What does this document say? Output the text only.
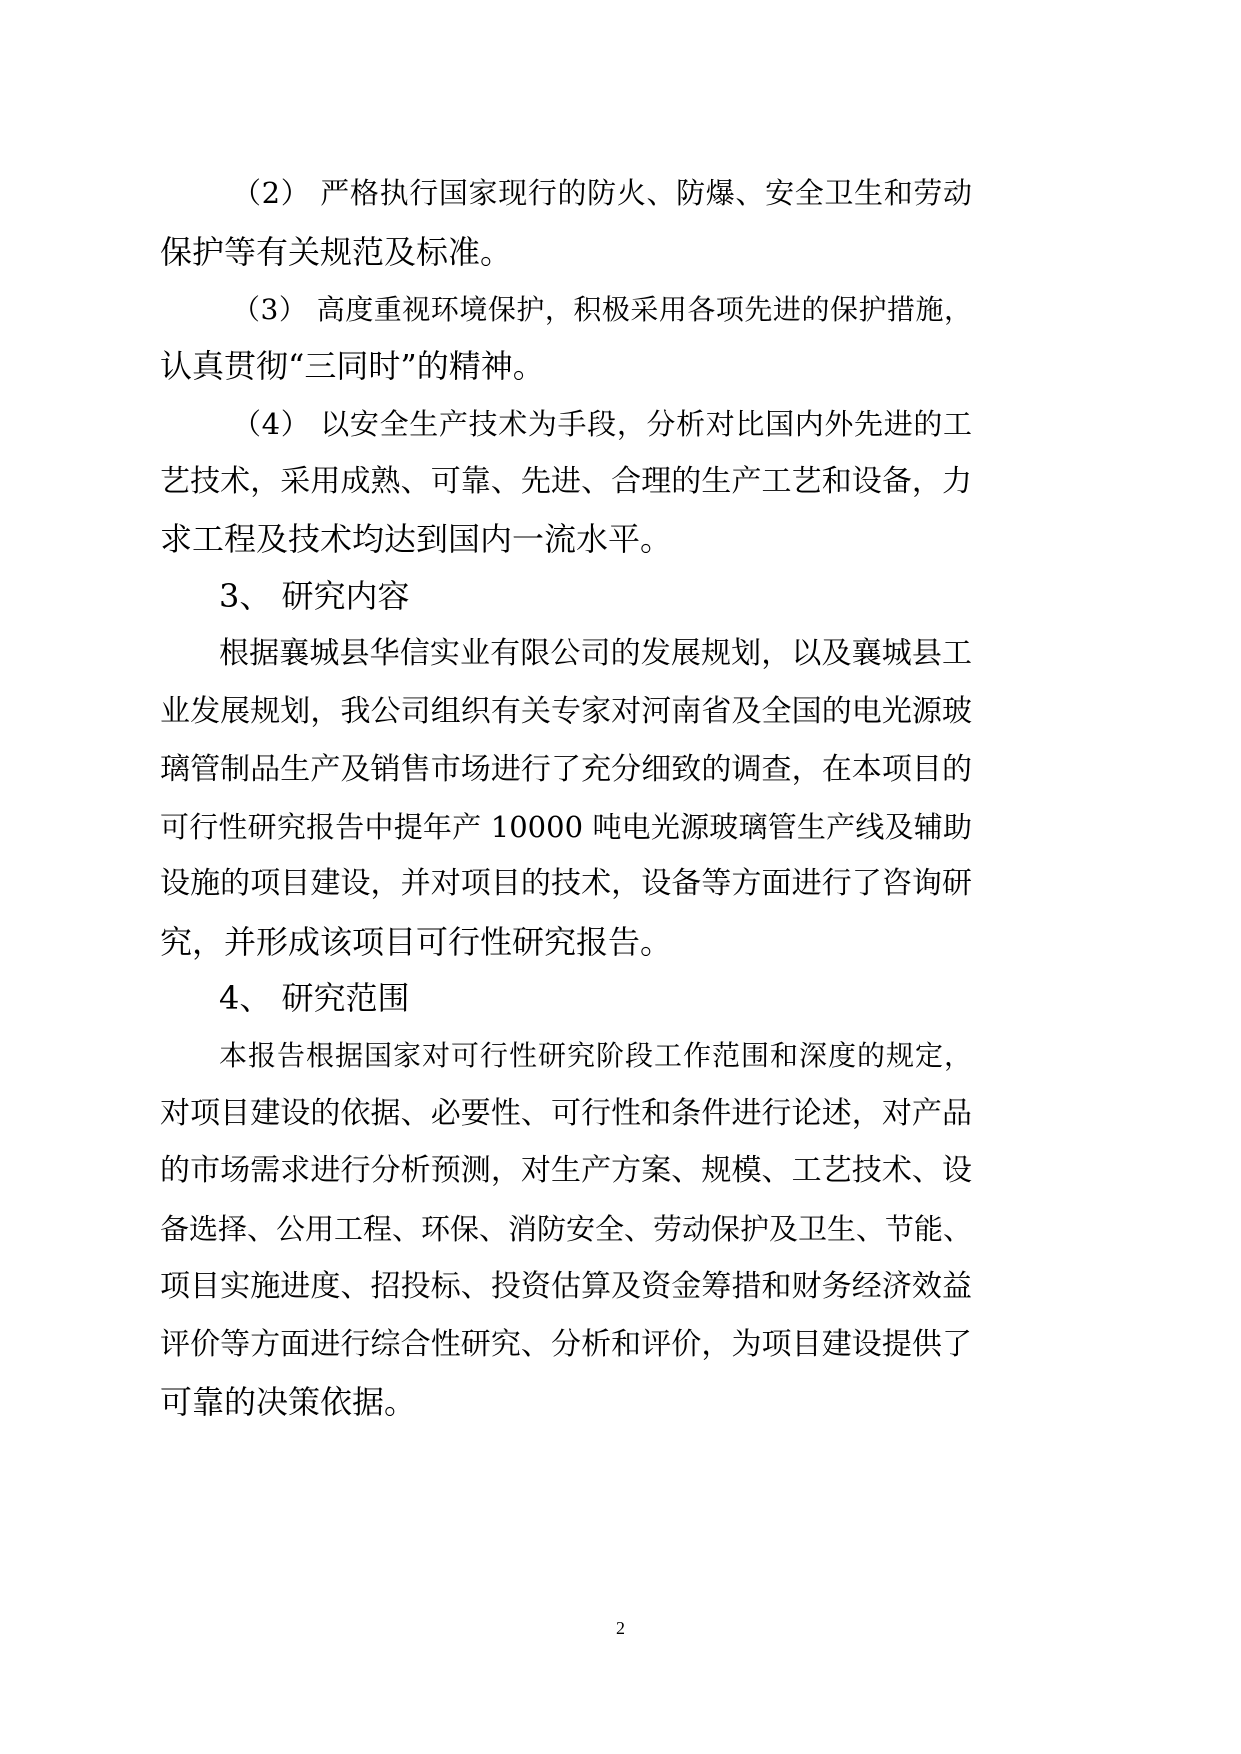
（2） 严格执行国家现行的防火、防爆、安全卫生和劳动
保护等有关规范及标准。
（3） 高度重视环境保护，积极采用各项先进的保护措施，
认真贯彻“三同时”的精神。
（4） 以安全生产技术为手段，分析对比国内外先进的工
艺技术，采用成熟、可靠、先进、合理的生产工艺和设备，力
求工程及技术均达到国内一流水平。
3、 研究内容
根据襄城县华信实业有限公司的发展规划，以及襄城县工
业发展规划，我公司组织有关专家对河南省及全国的电光源玻
璃管制品生产及销售市场进行了充分细致的调查，在本项目的
可行性研究报告中提年产 10000 吨电光源玻璃管生产线及辅助
设施的项目建设，并对项目的技术，设备等方面进行了咨询研
究，并形成该项目可行性研究报告。
4、 研究范围
本报告根据国家对可行性研究阶段工作范围和深度的规定，
对项目建设的依据、必要性、可行性和条件进行论述，对产品
的市场需求进行分析预测，对生产方案、规模、工艺技术、设
备选择、公用工程、环保、消防安全、劳动保护及卫生、节能、
项目实施进度、招投标、投资估算及资金筹措和财务经济效益
评价等方面进行综合性研究、分析和评价，为项目建设提供了
可靠的决策依据。
2
